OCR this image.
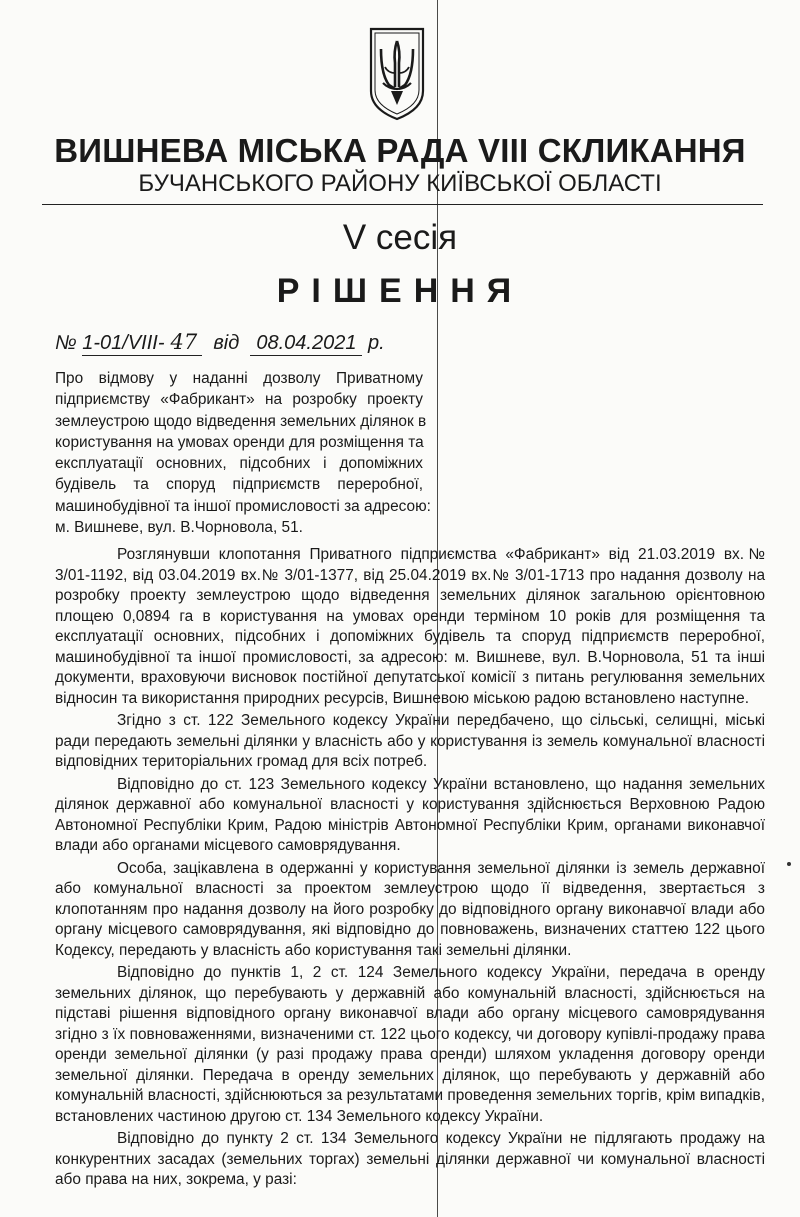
ВИШНЕВА МІСЬКА РАДА VIII СКЛИКАННЯ
БУЧАНСЬКОГО РАЙОНУ КИЇВСЬКОЇ ОБЛАСТІ
V сесія
РІШЕННЯ
№ 1-01/VIII- 47 від 08.04.2021 р.
Про відмову у наданні дозволу Приватному
підприємству «Фабрикант» на розробку проекту
землеустрою щодо відведення земельних ділянок в
користування на умовах оренди для розміщення та
експлуатації основних, підсобних і допоміжних
будівель та споруд підприємств переробної,
машинобудівної та іншої промисловості за адресою:
м. Вишневе, вул. В.Чорновола, 51.

Розглянувши клопотання Приватного підприємства «Фабрикант» від 21.03.2019 вх.№ 3/01-1192, від 03.04.2019 вх.№ 3/01-1377, від 25.04.2019 вх.№ 3/01-1713 про надання дозволу на розробку проекту землеустрою щодо відведення земельних ділянок загальною орієнтовною площею 0,0894 га в користування на умовах оренди терміном 10 років для розміщення та експлуатації основних, підсобних і допоміжних будівель та споруд підприємств переробної, машинобудівної та іншої промисловості, за адресою: м. Вишневе, вул. В.Чорновола, 51 та інші документи, враховуючи висновок постійної депутатської комісії з питань регулювання земельних відносин та використання природних ресурсів, Вишневою міською радою встановлено наступне.

Згідно з ст. 122 Земельного кодексу України передбачено, що сільські, селищні, міські ради передають земельні ділянки у власність або у користування із земель комунальної власності відповідних територіальних громад для всіх потреб.

Відповідно до ст. 123 Земельного кодексу України встановлено, що надання земельних ділянок державної або комунальної власності у користування здійснюється Верховною Радою Автономної Республіки Крим, Радою міністрів Автономної Республіки Крим, органами виконавчої влади або органами місцевого самоврядування.

Особа, зацікавлена в одержанні у користування земельної ділянки із земель державної або комунальної власності за проектом землеустрою щодо її відведення, звертається з клопотанням про надання дозволу на його розробку до відповідного органу виконавчої влади або органу місцевого самоврядування, які відповідно до повноважень, визначених статтею 122 цього Кодексу, передають у власність або користування такі земельні ділянки.

Відповідно до пунктів 1, 2 ст. 124 Земельного кодексу України, передача в оренду земельних ділянок, що перебувають у державній або комунальній власності, здійснюється на підставі рішення відповідного органу виконавчої влади або органу місцевого самоврядування згідно з їх повноваженнями, визначеними ст. 122 цього кодексу, чи договору купівлі-продажу права оренди земельної ділянки (у разі продажу права оренди) шляхом укладення договору оренди земельної ділянки. Передача в оренду земельних ділянок, що перебувають у державній або комунальній власності, здійснюються за результатами проведення земельних торгів, крім випадків, встановлених частиною другою ст. 134 Земельного кодексу України.

Відповідно до пункту 2 ст. 134 Земельного кодексу України не підлягають продажу на конкурентних засадах (земельних торгах) земельні ділянки державної чи комунальної власності або права на них, зокрема, у разі:
